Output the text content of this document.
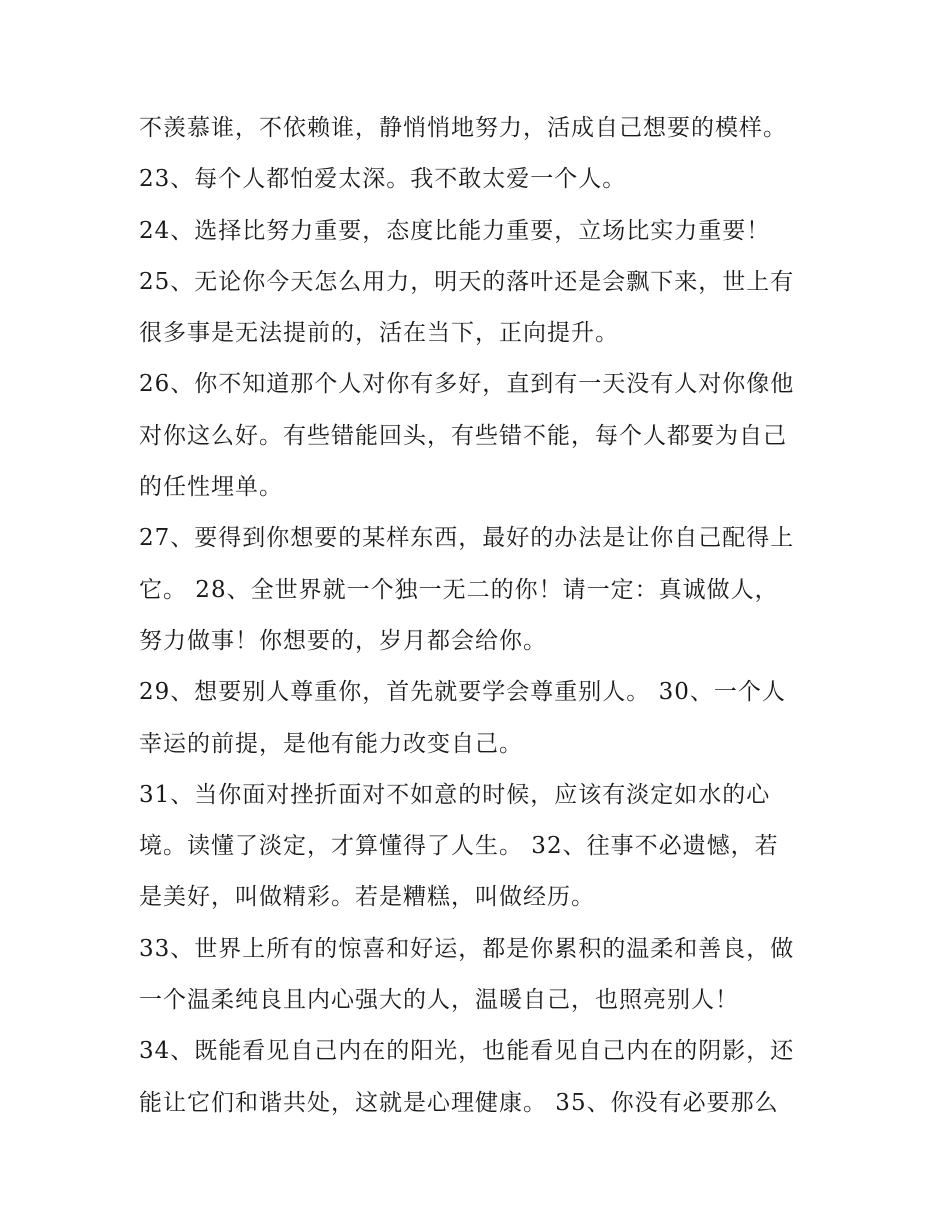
不羡慕谁，不依赖谁，静悄悄地努力，活成自己想要的模样。
23、每个人都怕爱太深。我不敢太爱一个人。
24、选择比努力重要，态度比能力重要，立场比实力重要！
25、无论你今天怎么用力，明天的落叶还是会飘下来，世上有
很多事是无法提前的，活在当下，正向提升。
26、你不知道那个人对你有多好，直到有一天没有人对你像他
对你这么好。有些错能回头，有些错不能，每个人都要为自己
的任性埋单。
27、要得到你想要的某样东西，最好的办法是让你自己配得上
它。 28、全世界就一个独一无二的你！请一定：真诚做人，
努力做事！你想要的，岁月都会给你。
29、想要别人尊重你，首先就要学会尊重别人。 30、一个人
幸运的前提，是他有能力改变自己。
31、当你面对挫折面对不如意的时候，应该有淡定如水的心
境。读懂了淡定，才算懂得了人生。 32、往事不必遗憾，若
是美好，叫做精彩。若是糟糕，叫做经历。
33、世界上所有的惊喜和好运，都是你累积的温柔和善良，做
一个温柔纯良且内心强大的人，温暖自己，也照亮别人！
34、既能看见自己内在的阳光，也能看见自己内在的阴影，还
能让它们和谐共处，这就是心理健康。 35、你没有必要那么
